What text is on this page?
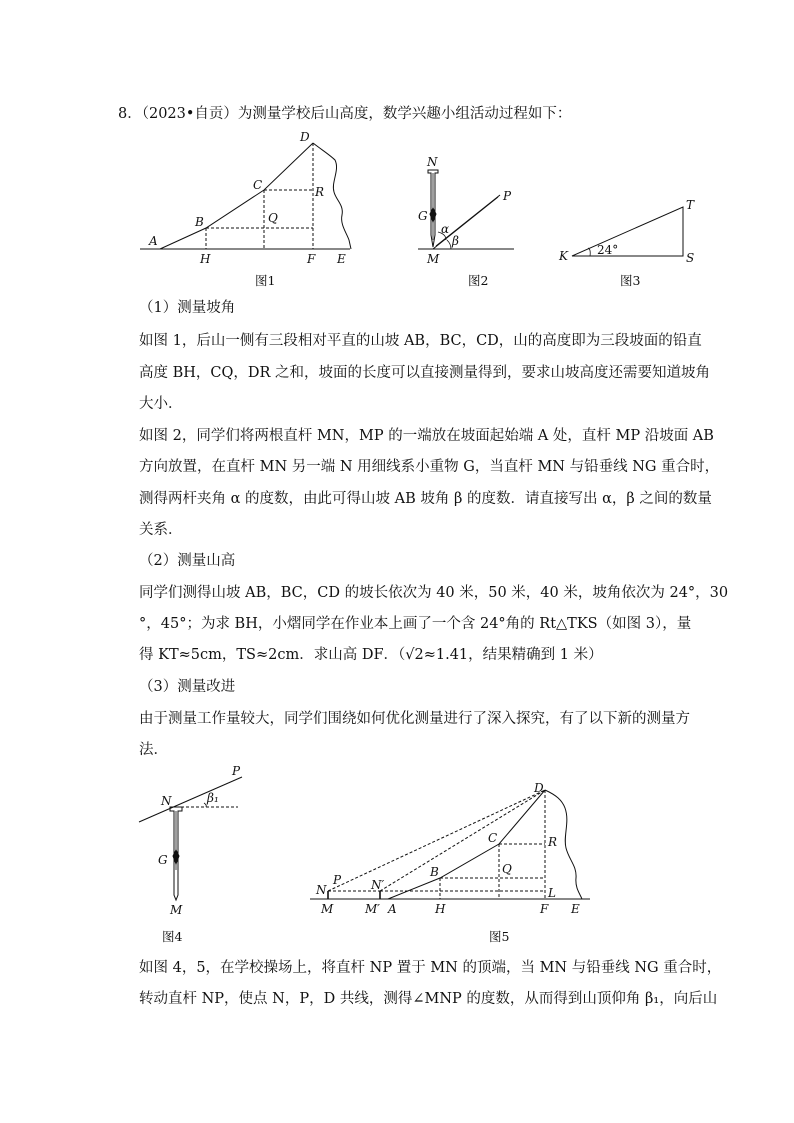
8．（2023•自贡）为测量学校后山高度，数学兴趣小组活动过程如下：
A
B
C
D
H	F E
Q
R
图1
N
G
M
P
α
β
图2
K
T
S
24°
图3
（1）测量坡角
如图 1，后山一侧有三段相对平直的山坡 AB，BC，CD，山的高度即为三段坡面的铅直
高度 BH，CQ，DR 之和，坡面的长度可以直接测量得到，要求山坡高度还需要知道坡角
大小．
如图 2，同学们将两根直杆 MN，MP 的一端放在坡面起始端 A 处，直杆 MP 沿坡面 AB
方向放置，在直杆 MN 另一端 N 用细线系小重物 G，当直杆 MN 与铅垂线 NG 重合时，
测得两杆夹角 α 的度数，由此可得山坡 AB 坡角 β 的度数．请直接写出 α，β 之间的数量
关系．
（2）测量山高
同学们测得山坡 AB，BC，CD 的坡长依次为 40 米，50 米，40 米，坡角依次为 24°，30
°，45°；为求 BH，小熠同学在作业本上画了一个含 24°角的 Rt△TKS（如图 3），量
得 KT≈5cm，TS≈2cm．求山高 DF．（√2≈1.41，结果精确到 1 米）
（3）测量改进
由于测量工作量较大，同学们围绕如何优化测量进行了深入探究，有了以下新的测量方
法．
N
P
G
M
β₁
图4
N
P N′
M	M′ A
B
C
D
H
Q
R
L
F E
图5
如图 4，5，在学校操场上，将直杆 NP 置于 MN 的顶端，当 MN 与铅垂线 NG 重合时，
转动直杆 NP，使点 N，P，D 共线，测得∠MNP 的度数，从而得到山顶仰角 β₁，向后山
